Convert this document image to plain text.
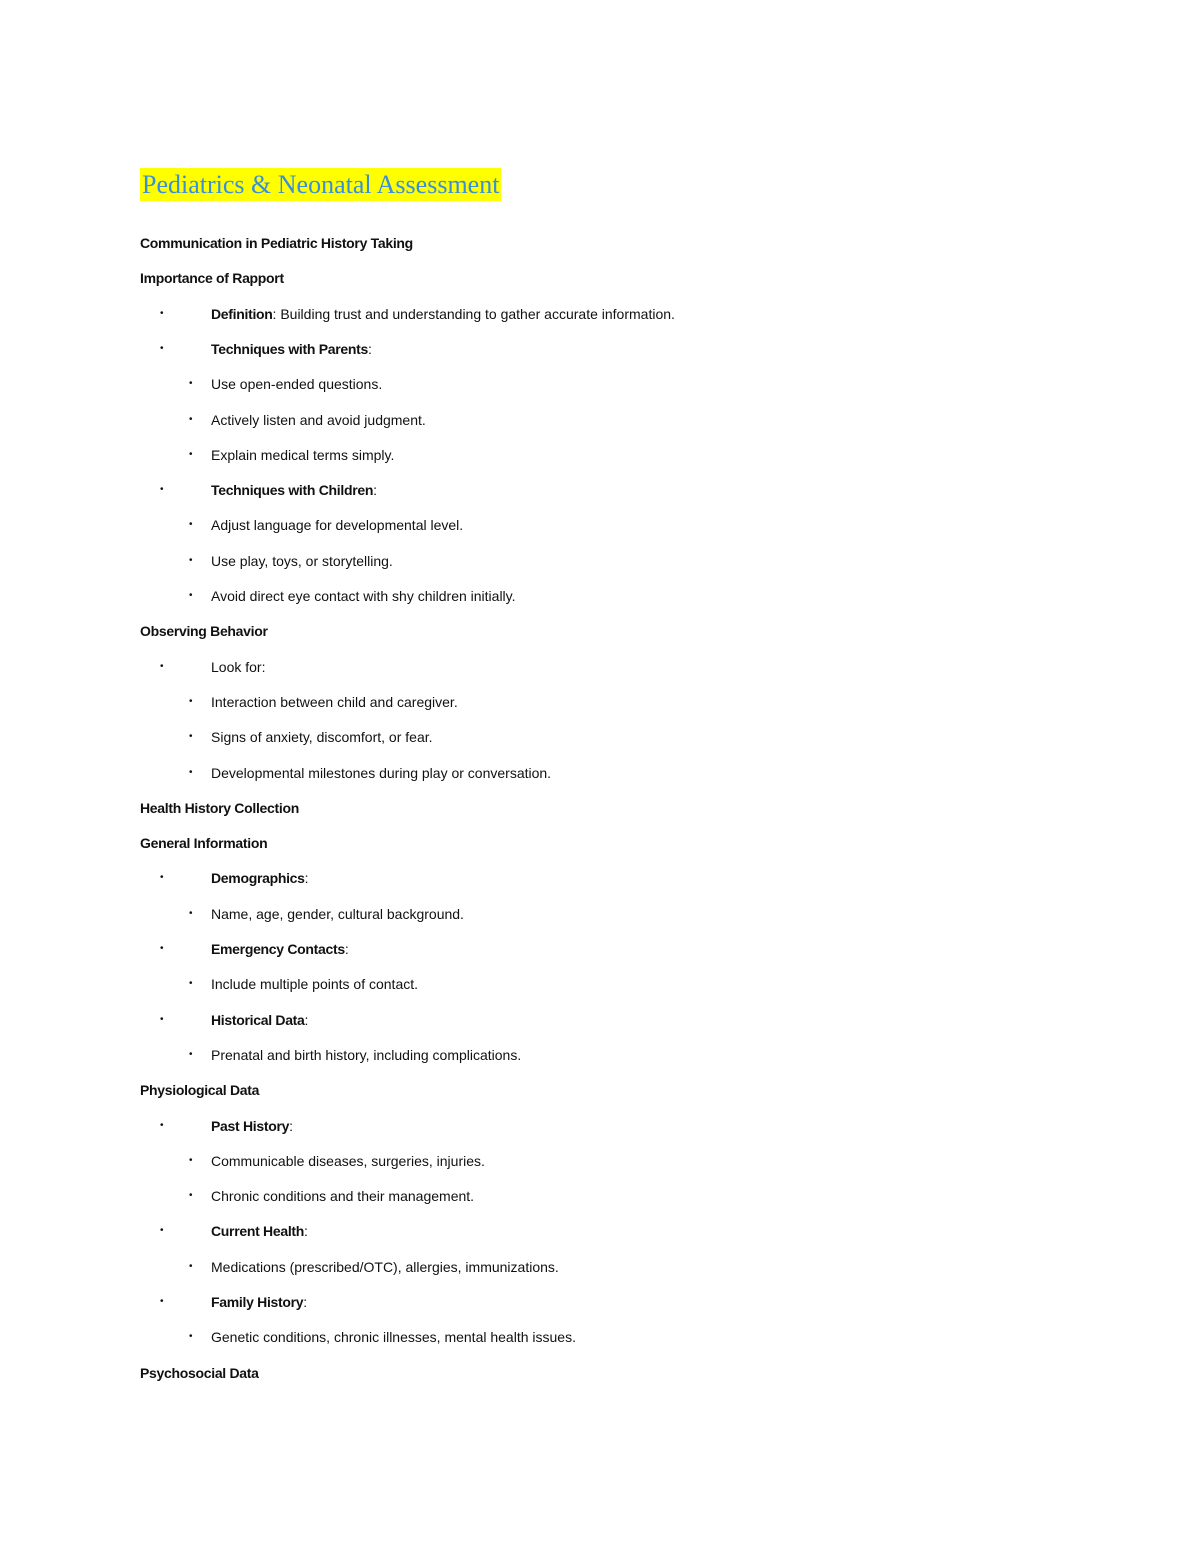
Pediatrics & Neonatal Assessment
Communication in Pediatric History Taking
Importance of Rapport
•	Definition: Building trust and understanding to gather accurate information.
•	Techniques with Parents:
• Use open-ended questions.
• Actively listen and avoid judgment.
• Explain medical terms simply.
•	Techniques with Children:
• Adjust language for developmental level.
• Use play, toys, or storytelling.
• Avoid direct eye contact with shy children initially.
Observing Behavior
•	Look for:
• Interaction between child and caregiver.
• Signs of anxiety, discomfort, or fear.
• Developmental milestones during play or conversation.
Health History Collection
General Information
•	Demographics:
• Name, age, gender, cultural background.
•	Emergency Contacts:
• Include multiple points of contact.
•	Historical Data:
• Prenatal and birth history, including complications.
Physiological Data
•	Past History:
• Communicable diseases, surgeries, injuries.
• Chronic conditions and their management.
•	Current Health:
• Medications (prescribed/OTC), allergies, immunizations.
•	Family History:
• Genetic conditions, chronic illnesses, mental health issues.
Psychosocial Data
